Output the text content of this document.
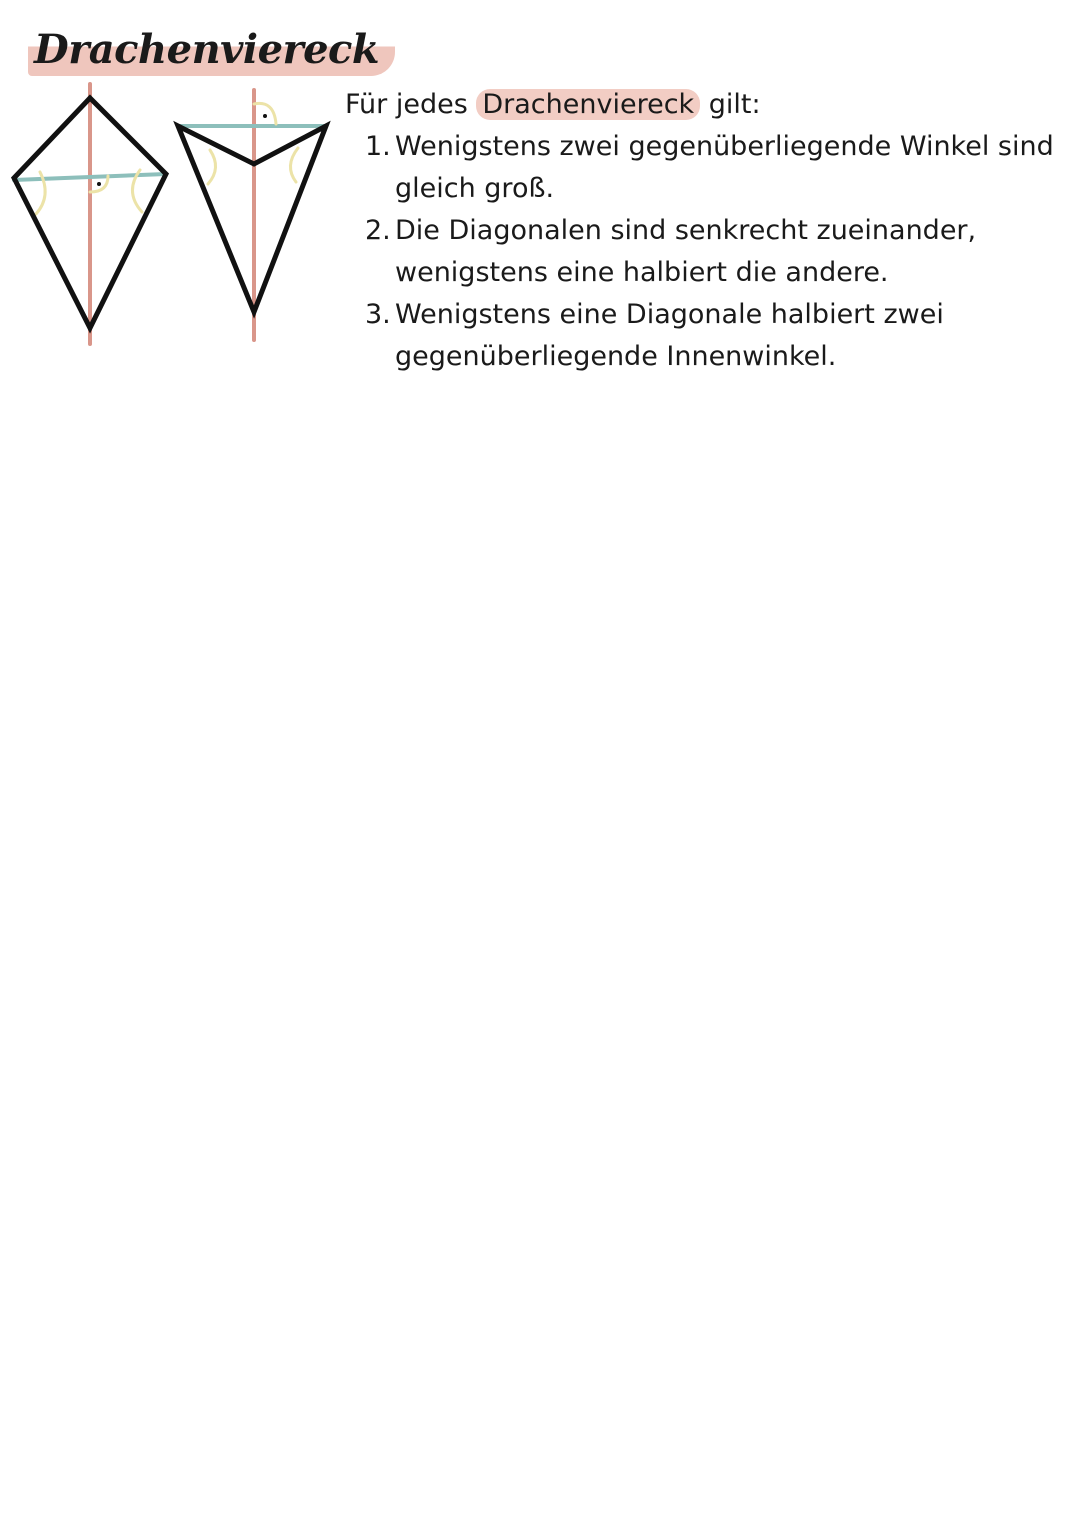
Drachenviereck

Für jedes Drachenviereck gilt:

1. Wenigstens zwei gegenüberliegende Winkel sind gleich groß.
2. Die Diagonalen sind senkrecht zueinander, wenigstens eine halbiert die andere.
3. Wenigstens eine Diagonale halbiert zwei gegenüberliegende Innenwinkel.
